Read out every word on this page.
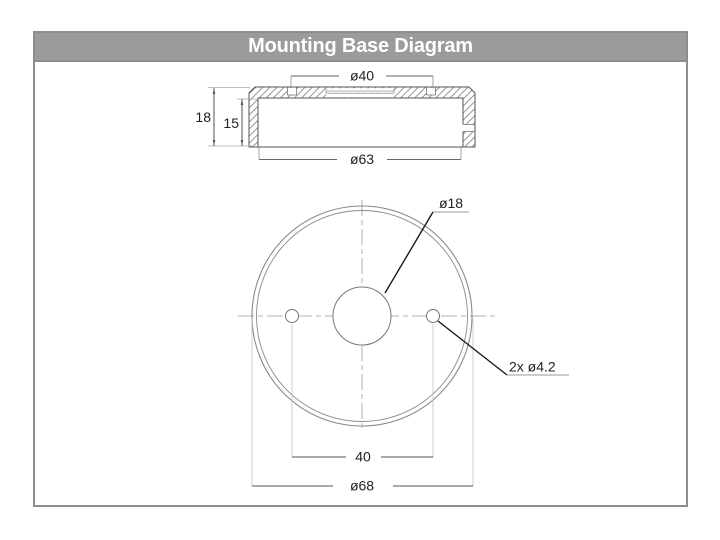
Mounting Base Diagram
ø40
18 15
ø63
40
ø68
ø18
2x ø4.2
